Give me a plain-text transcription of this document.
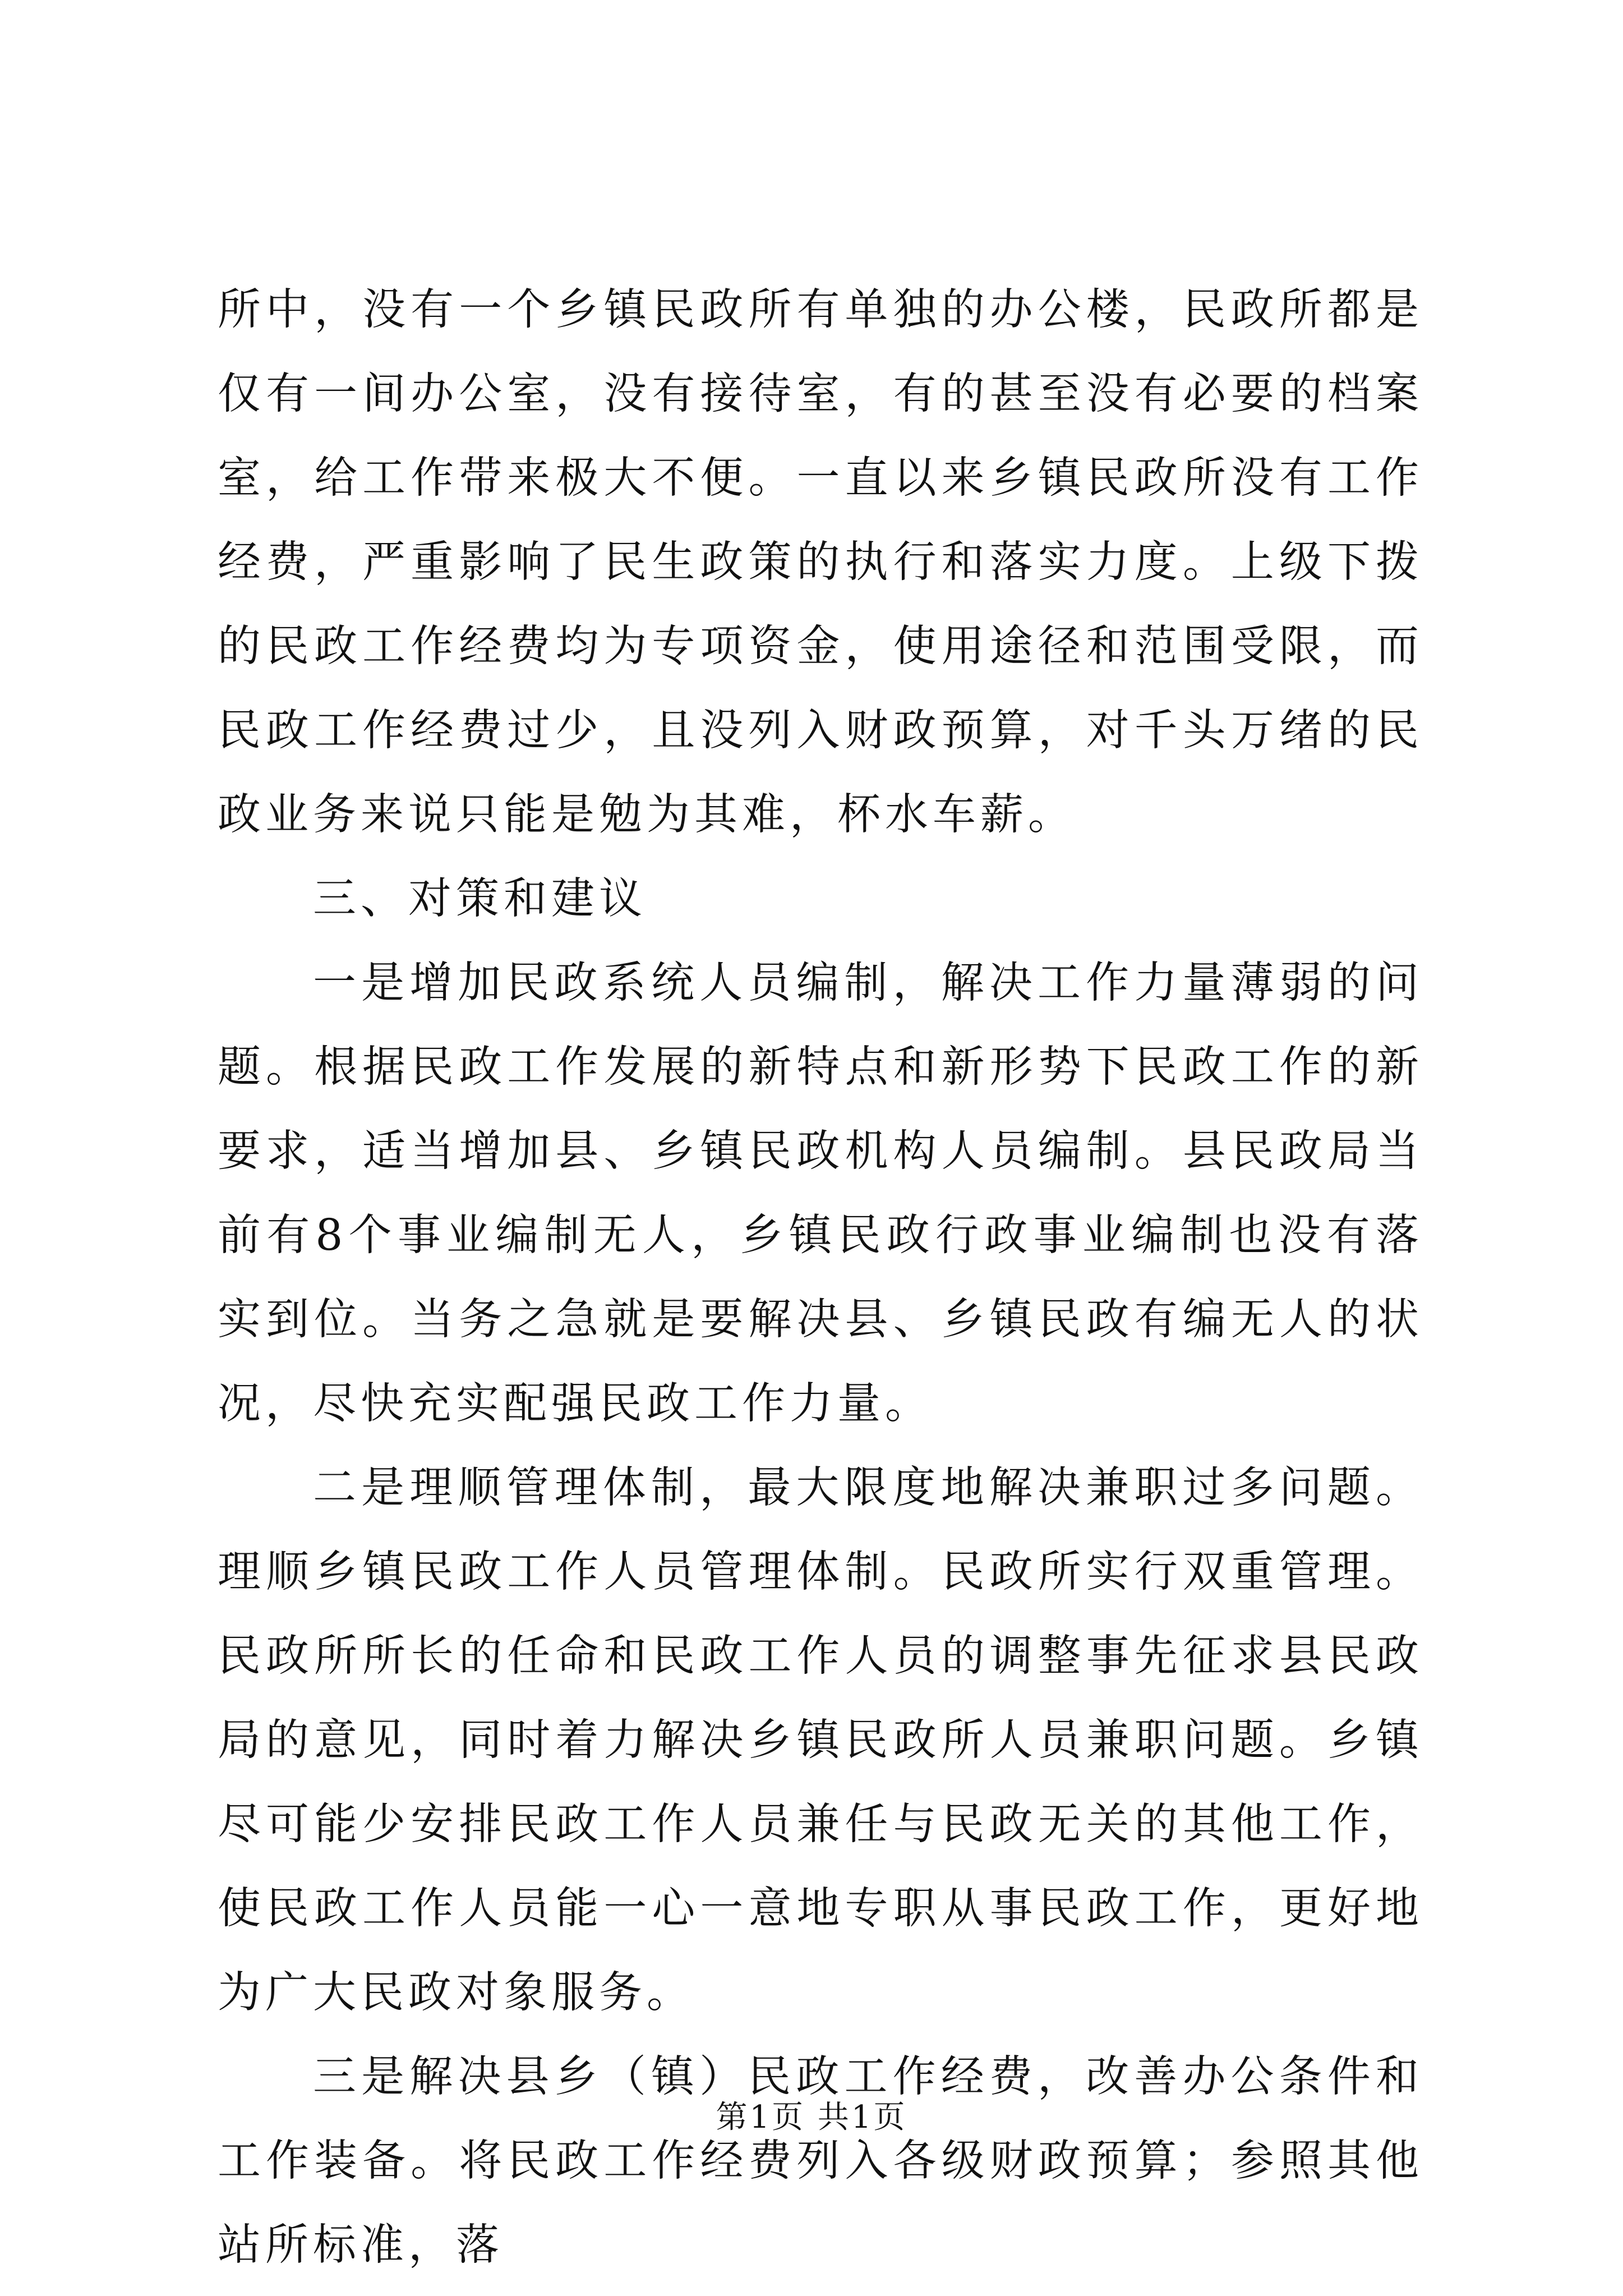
所中，没有一个乡镇民政所有单独的办公楼，民政所都是仅有一间办公室，没有接待室，有的甚至没有必要的档案室，给工作带来极大不便。一直以来乡镇民政所没有工作经费，严重影响了民生政策的执行和落实力度。上级下拨的民政工作经费均为专项资金，使用途径和范围受限，而民政工作经费过少，且没列入财政预算，对千头万绪的民政业务来说只能是勉为其难，杯水车薪。

三、对策和建议

一是增加民政系统人员编制，解决工作力量薄弱的问题。根据民政工作发展的新特点和新形势下民政工作的新要求，适当增加县、乡镇民政机构人员编制。县民政局当前有8个事业编制无人，乡镇民政行政事业编制也没有落实到位。当务之急就是要解决县、乡镇民政有编无人的状况，尽快充实配强民政工作力量。

二是理顺管理体制，最大限度地解决兼职过多问题。理顺乡镇民政工作人员管理体制。民政所实行双重管理。民政所所长的任命和民政工作人员的调整事先征求县民政局的意见，同时着力解决乡镇民政所人员兼职问题。乡镇尽可能少安排民政工作人员兼任与民政无关的其他工作，使民政工作人员能一心一意地专职从事民政工作，更好地为广大民政对象服务。

三是解决县乡（镇）民政工作经费，改善办公条件和工作装备。将民政工作经费列入各级财政预算；参照其他站所标准，落

第1页 共1页
